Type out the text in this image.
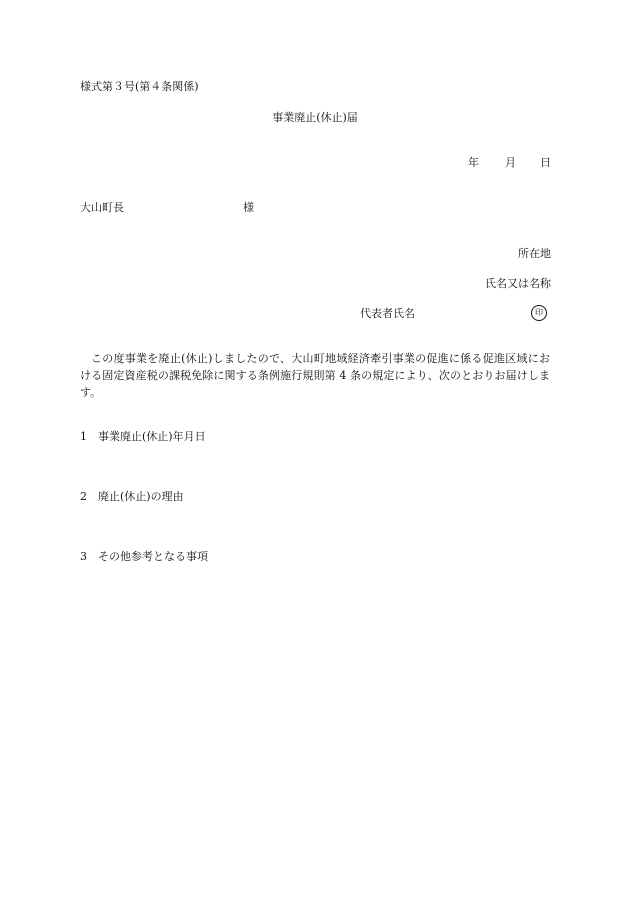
様式第３号(第４条関係)
事業廃止(休止)届
年 月 日
大山町長	様
所在地
氏名又は名称
代表者氏名	印
この度事業を廃止(休止)しましたので、大山町地域経済牽引事業の促進に係る促進区域における固定資産税の課税免除に関する条例施行規則第 4 条の規定により、次のとおりお届けします。
1 事業廃止(休止)年月日
2 廃止(休止)の理由
3 その他参考となる事項
